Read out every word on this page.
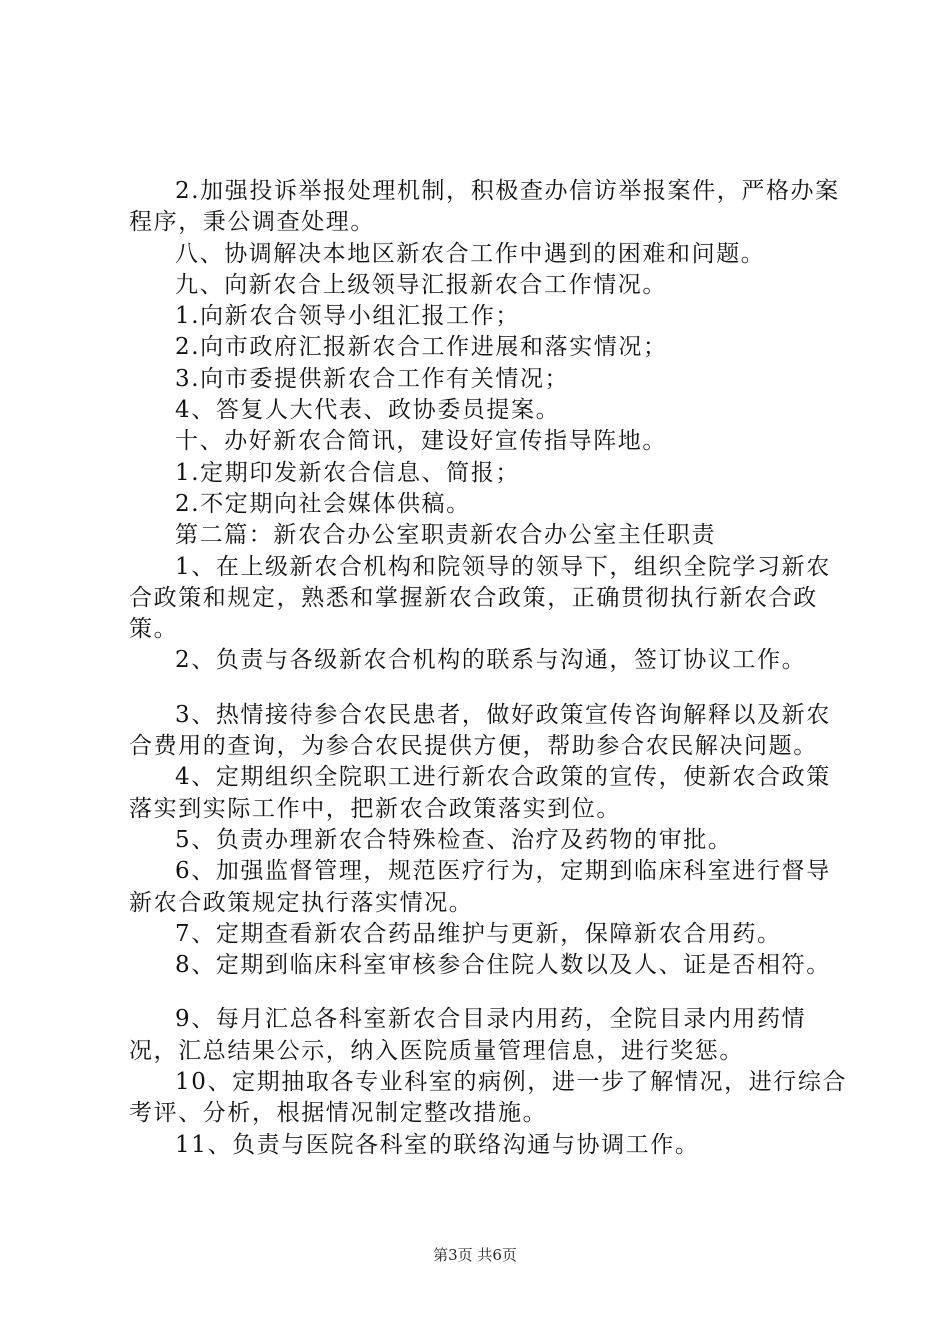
2.加强投诉举报处理机制，积极查办信访举报案件，严格办案程序，秉公调查处理。

八、协调解决本地区新农合工作中遇到的困难和问题。

九、向新农合上级领导汇报新农合工作情况。

1.向新农合领导小组汇报工作；

2.向市政府汇报新农合工作进展和落实情况；

3.向市委提供新农合工作有关情况；

4、答复人大代表、政协委员提案。

十、办好新农合简讯，建设好宣传指导阵地。

1.定期印发新农合信息、简报；

2.不定期向社会媒体供稿。

第二篇：新农合办公室职责新农合办公室主任职责

1、在上级新农合机构和院领导的领导下，组织全院学习新农合政策和规定，熟悉和掌握新农合政策，正确贯彻执行新农合政策。

2、负责与各级新农合机构的联系与沟通，签订协议工作。

3、热情接待参合农民患者，做好政策宣传咨询解释以及新农合费用的查询，为参合农民提供方便，帮助参合农民解决问题。

4、定期组织全院职工进行新农合政策的宣传，使新农合政策落实到实际工作中，把新农合政策落实到位。

5、负责办理新农合特殊检查、治疗及药物的审批。

6、加强监督管理，规范医疗行为，定期到临床科室进行督导新农合政策规定执行落实情况。

7、定期查看新农合药品维护与更新，保障新农合用药。

8、定期到临床科室审核参合住院人数以及人、证是否相符。

9、每月汇总各科室新农合目录内用药，全院目录内用药情况，汇总结果公示，纳入医院质量管理信息，进行奖惩。

10、定期抽取各专业科室的病例，进一步了解情况，进行综合考评、分析，根据情况制定整改措施。

11、负责与医院各科室的联络沟通与协调工作。

第3页 共6页
